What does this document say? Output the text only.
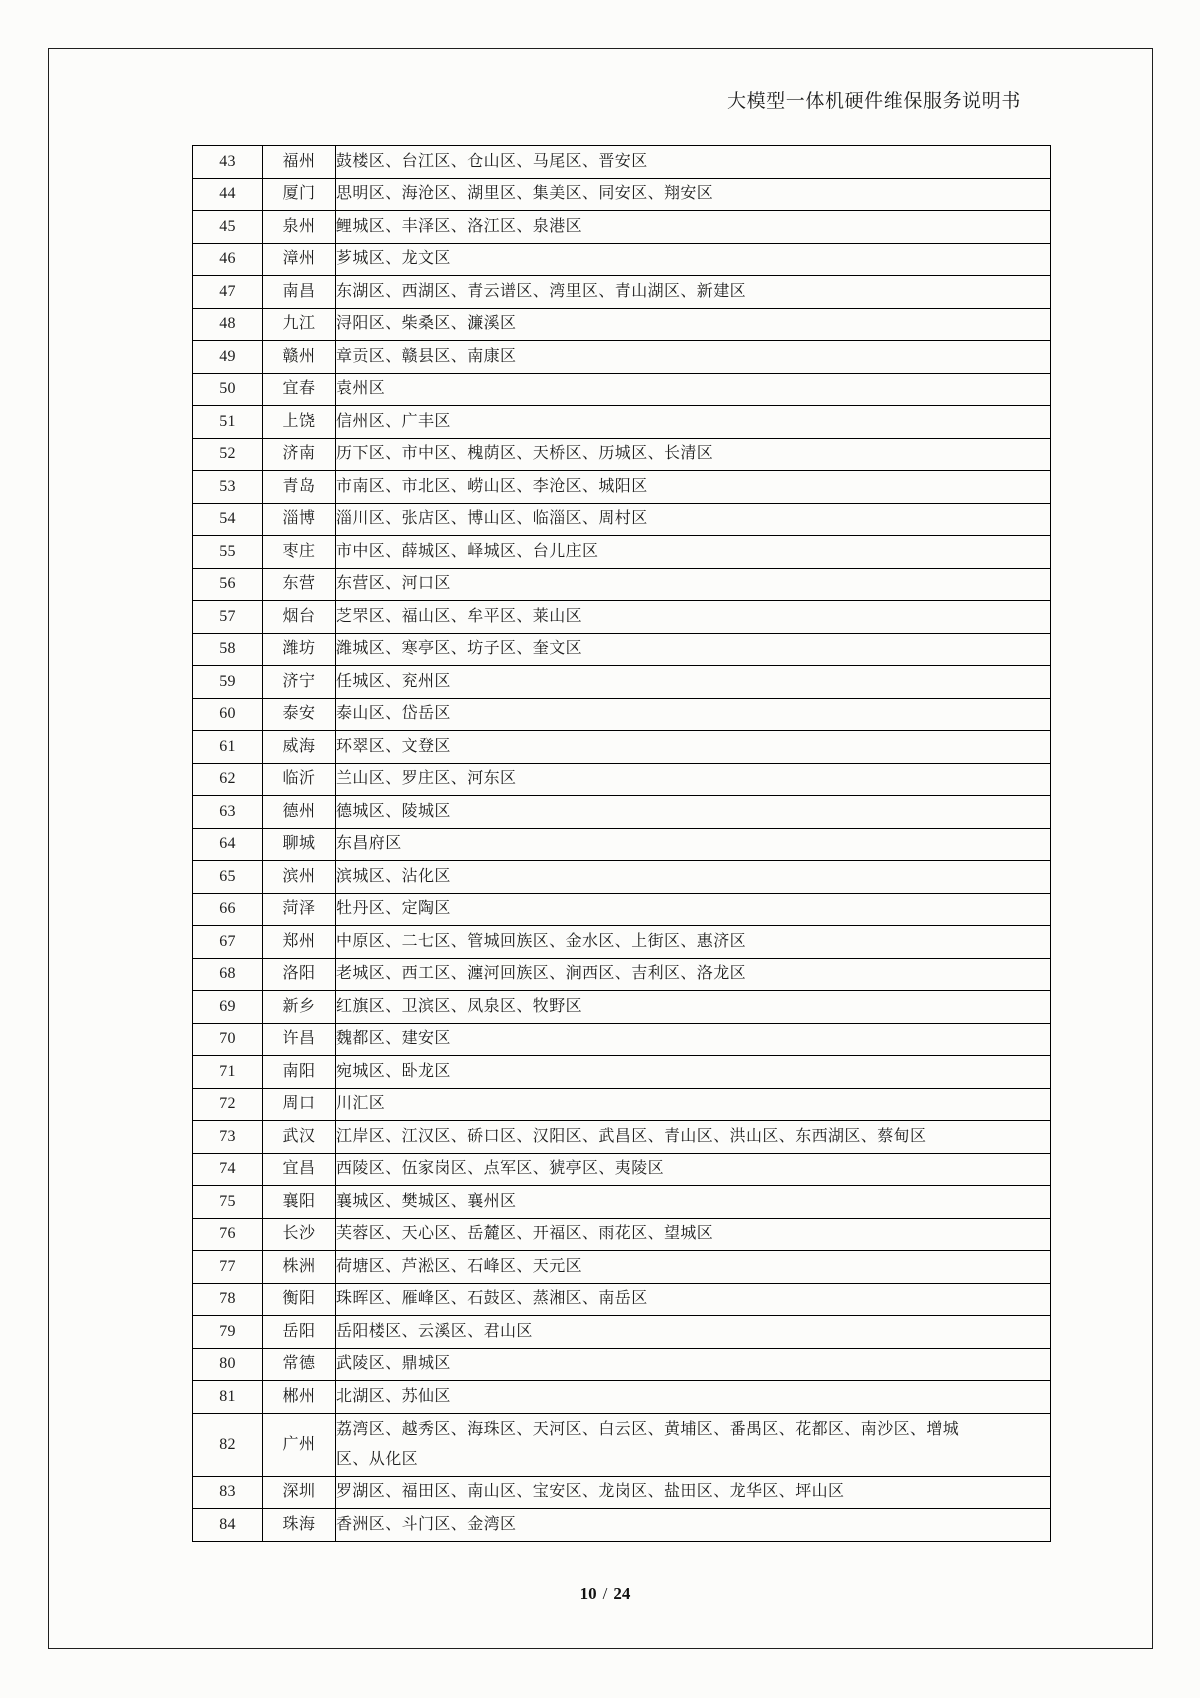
大模型一体机硬件维保服务说明书
43	福州	鼓楼区、台江区、仓山区、马尾区、晋安区
44	厦门	思明区、海沧区、湖里区、集美区、同安区、翔安区
45	泉州	鲤城区、丰泽区、洛江区、泉港区
46	漳州	芗城区、龙文区
47	南昌	东湖区、西湖区、青云谱区、湾里区、青山湖区、新建区
48	九江	浔阳区、柴桑区、濂溪区
49	赣州	章贡区、赣县区、南康区
50	宜春	袁州区
51	上饶	信州区、广丰区
52	济南	历下区、市中区、槐荫区、天桥区、历城区、长清区
53	青岛	市南区、市北区、崂山区、李沧区、城阳区
54	淄博	淄川区、张店区、博山区、临淄区、周村区
55	枣庄	市中区、薛城区、峄城区、台儿庄区
56	东营	东营区、河口区
57	烟台	芝罘区、福山区、牟平区、莱山区
58	潍坊	潍城区、寒亭区、坊子区、奎文区
59	济宁	任城区、兖州区
60	泰安	泰山区、岱岳区
61	威海	环翠区、文登区
62	临沂	兰山区、罗庄区、河东区
63	德州	德城区、陵城区
64	聊城	东昌府区
65	滨州	滨城区、沾化区
66	菏泽	牡丹区、定陶区
67	郑州	中原区、二七区、管城回族区、金水区、上街区、惠济区
68	洛阳	老城区、西工区、瀍河回族区、涧西区、吉利区、洛龙区
69	新乡	红旗区、卫滨区、凤泉区、牧野区
70	许昌	魏都区、建安区
71	南阳	宛城区、卧龙区
72	周口	川汇区
73	武汉	江岸区、江汉区、硚口区、汉阳区、武昌区、青山区、洪山区、东西湖区、蔡甸区
74	宜昌	西陵区、伍家岗区、点军区、猇亭区、夷陵区
75	襄阳	襄城区、樊城区、襄州区
76	长沙	芙蓉区、天心区、岳麓区、开福区、雨花区、望城区
77	株洲	荷塘区、芦淞区、石峰区、天元区
78	衡阳	珠晖区、雁峰区、石鼓区、蒸湘区、南岳区
79	岳阳	岳阳楼区、云溪区、君山区
80	常德	武陵区、鼎城区
81	郴州	北湖区、苏仙区
82	广州	荔湾区、越秀区、海珠区、天河区、白云区、黄埔区、番禺区、花都区、南沙区、增城
区、从化区

83	深圳	罗湖区、福田区、南山区、宝安区、龙岗区、盐田区、龙华区、坪山区
84	珠海	香洲区、斗门区、金湾区
10 / 24
